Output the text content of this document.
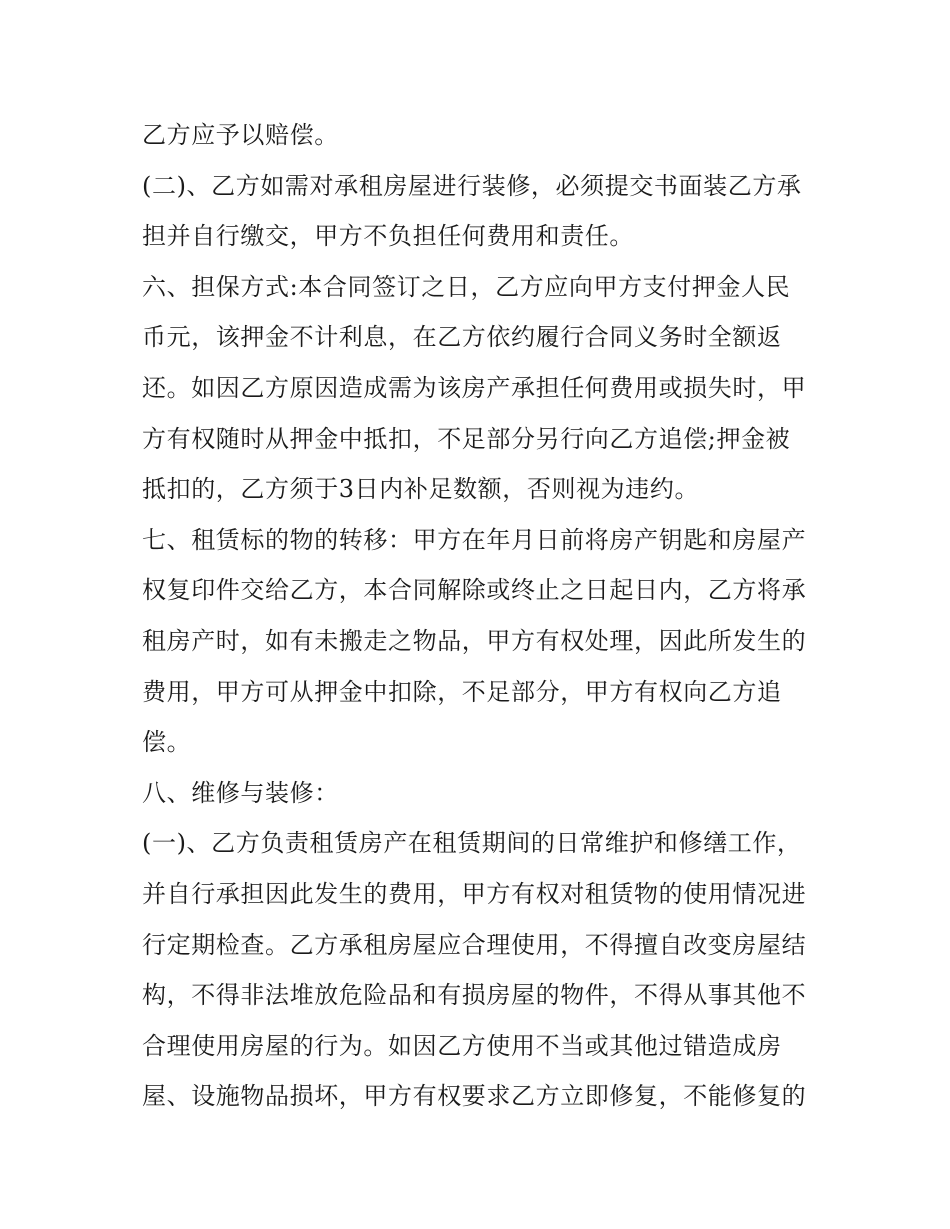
乙方应予以赔偿。
(二)、乙方如需对承租房屋进行装修，必须提交书面装乙方承
担并自行缴交，甲方不负担任何费用和责任。
六、担保方式:本合同签订之日，乙方应向甲方支付押金人民
币元，该押金不计利息，在乙方依约履行合同义务时全额返
还。如因乙方原因造成需为该房产承担任何费用或损失时，甲
方有权随时从押金中抵扣，不足部分另行向乙方追偿;押金被
抵扣的，乙方须于3日内补足数额，否则视为违约。
七、租赁标的物的转移：甲方在年月日前将房产钥匙和房屋产
权复印件交给乙方，本合同解除或终止之日起日内，乙方将承
租房产时，如有未搬走之物品，甲方有权处理，因此所发生的
费用，甲方可从押金中扣除，不足部分，甲方有权向乙方追
偿。
八、维修与装修：
(一)、乙方负责租赁房产在租赁期间的日常维护和修缮工作，
并自行承担因此发生的费用，甲方有权对租赁物的使用情况进
行定期检查。乙方承租房屋应合理使用，不得擅自改变房屋结
构，不得非法堆放危险品和有损房屋的物件，不得从事其他不
合理使用房屋的行为。如因乙方使用不当或其他过错造成房
屋、设施物品损坏，甲方有权要求乙方立即修复，不能修复的
